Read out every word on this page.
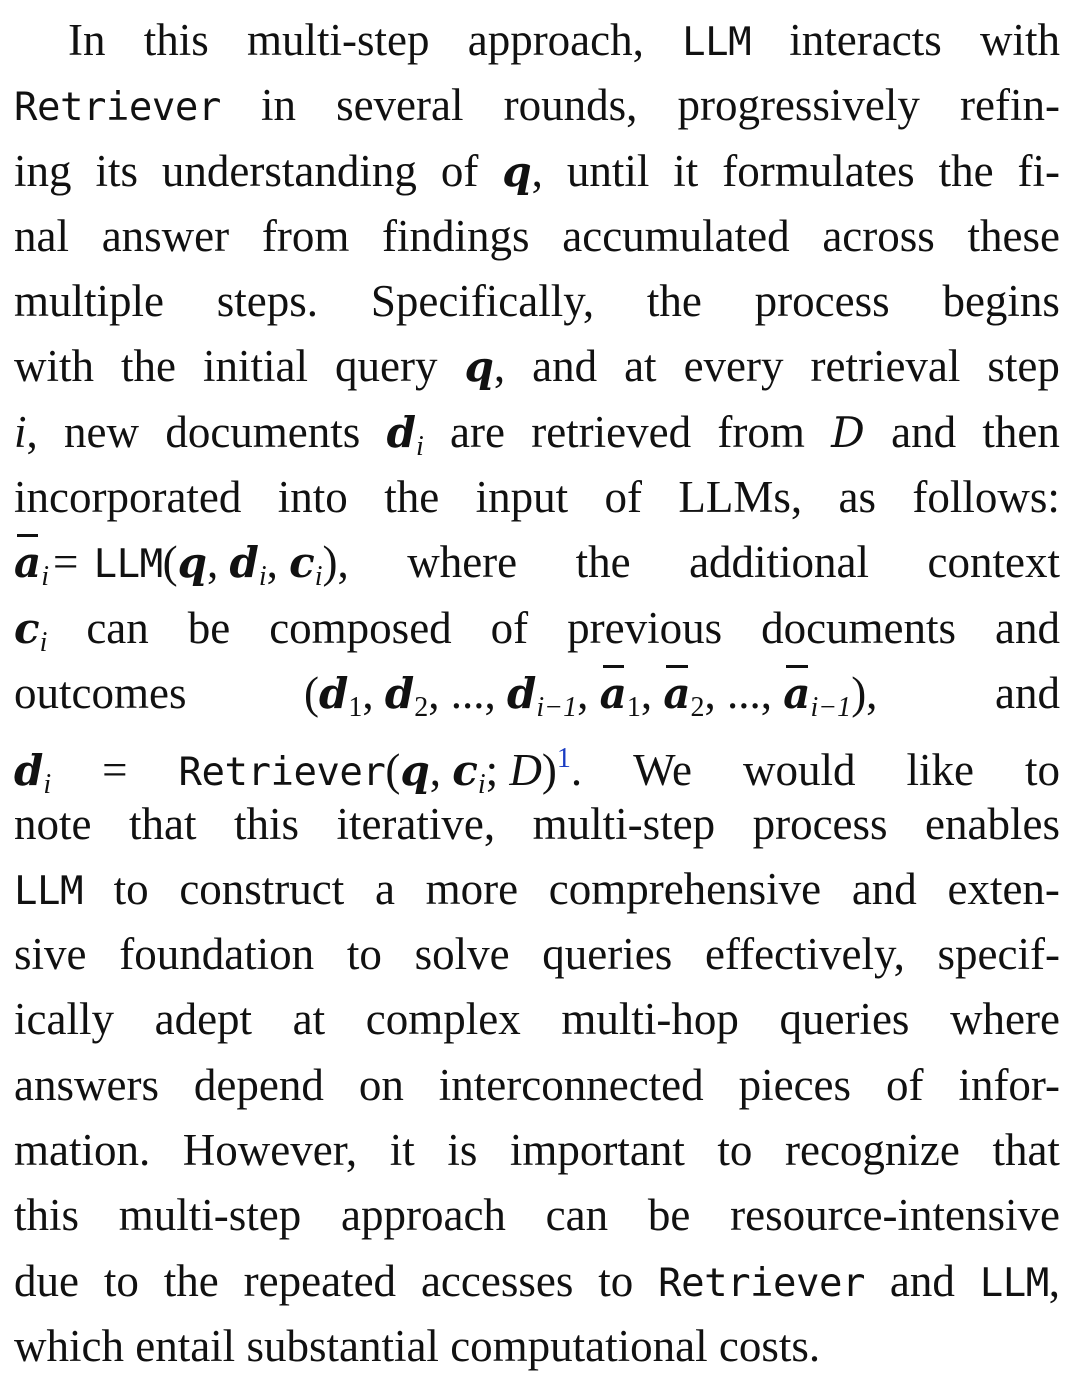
In this multi-step approach, LLM interacts with
Retriever in several rounds, progressively refin-
ing its understanding of q, until it formulates the fi-
nal answer from findings accumulated across these
multiple steps. Specifically, the process begins
with the initial query q, and at every retrieval step
i, new documents $d_i$ are retrieved from D and then
incorporated into the input of LLMs, as follows:
$a_i= LLM(q$, $d_i$, $c_i$), where the additional context
$c_i$ can be composed of previous documents and
outcomes	(d1, d2, ..., $d_{i-1}$, a1, a2, ..., $a_{i-1}$),	and
$d_i$ = Retriever(q, $c_i$; D)$^1$. We would like to
note that this iterative, multi-step process enables
LLM to construct a more comprehensive and exten-
sive foundation to solve queries effectively, specif-
ically adept at complex multi-hop queries where
answers depend on interconnected pieces of infor-
mation. However, it is important to recognize that
this multi-step approach can be resource-intensive
due to the repeated accesses to Retriever and LLM,
which
entail
substantial
computational
costs.
